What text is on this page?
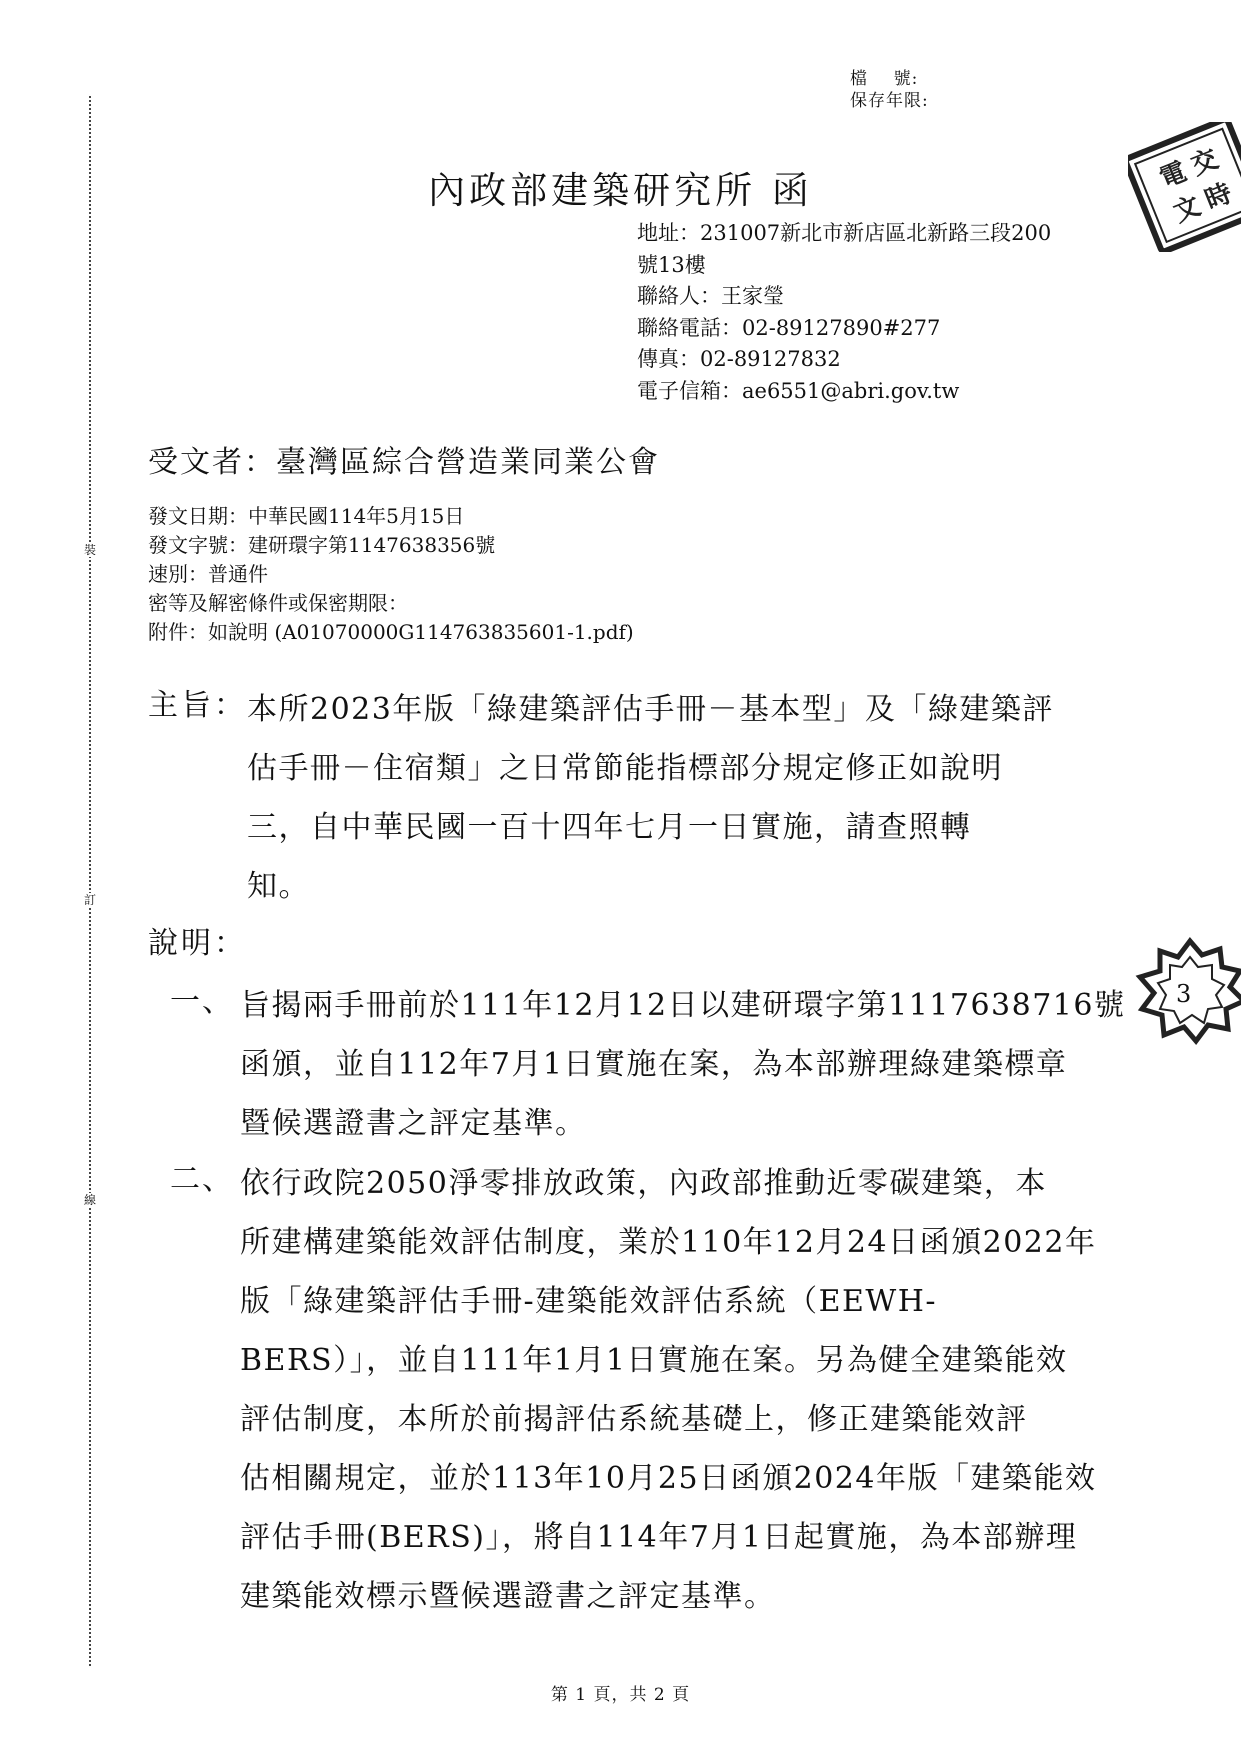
裝
訂
線
檔    號:
保存年限:
電
文
交
時
3
內政部建築研究所 函
地址：231007新北市新店區北新路三段200
號13樓
聯絡人：王家瑩
聯絡電話：02-89127890#277
傳真：02-89127832
電子信箱：ae6551@abri.gov.tw
受文者：臺灣區綜合營造業同業公會
發文日期：中華民國114年5月15日
發文字號：建研環字第1147638356號
速別：普通件
密等及解密條件或保密期限：
附件：如說明 (A01070000G114763835601-1.pdf)
主旨： 本所2023年版「綠建築評估手冊－基本型」及「綠建築評
估手冊－住宿類」之日常節能指標部分規定修正如說明
三，自中華民國一百十四年七月一日實施，請查照轉
知。
說明：
一、 旨揭兩手冊前於111年12月12日以建研環字第1117638716號
函頒，並自112年7月1日實施在案，為本部辦理綠建築標章
暨候選證書之評定基準。
二、 依行政院2050淨零排放政策，內政部推動近零碳建築，本
所建構建築能效評估制度，業於110年12月24日函頒2022年
版「綠建築評估手冊-建築能效評估系統（EEWH-
BERS）」，並自111年1月1日實施在案。另為健全建築能效
評估制度，本所於前揭評估系統基礎上，修正建築能效評
估相關規定，並於113年10月25日函頒2024年版「建築能效
評估手冊(BERS)」，將自114年7月1日起實施，為本部辦理
建築能效標示暨候選證書之評定基準。
第 1 頁，共 2 頁
